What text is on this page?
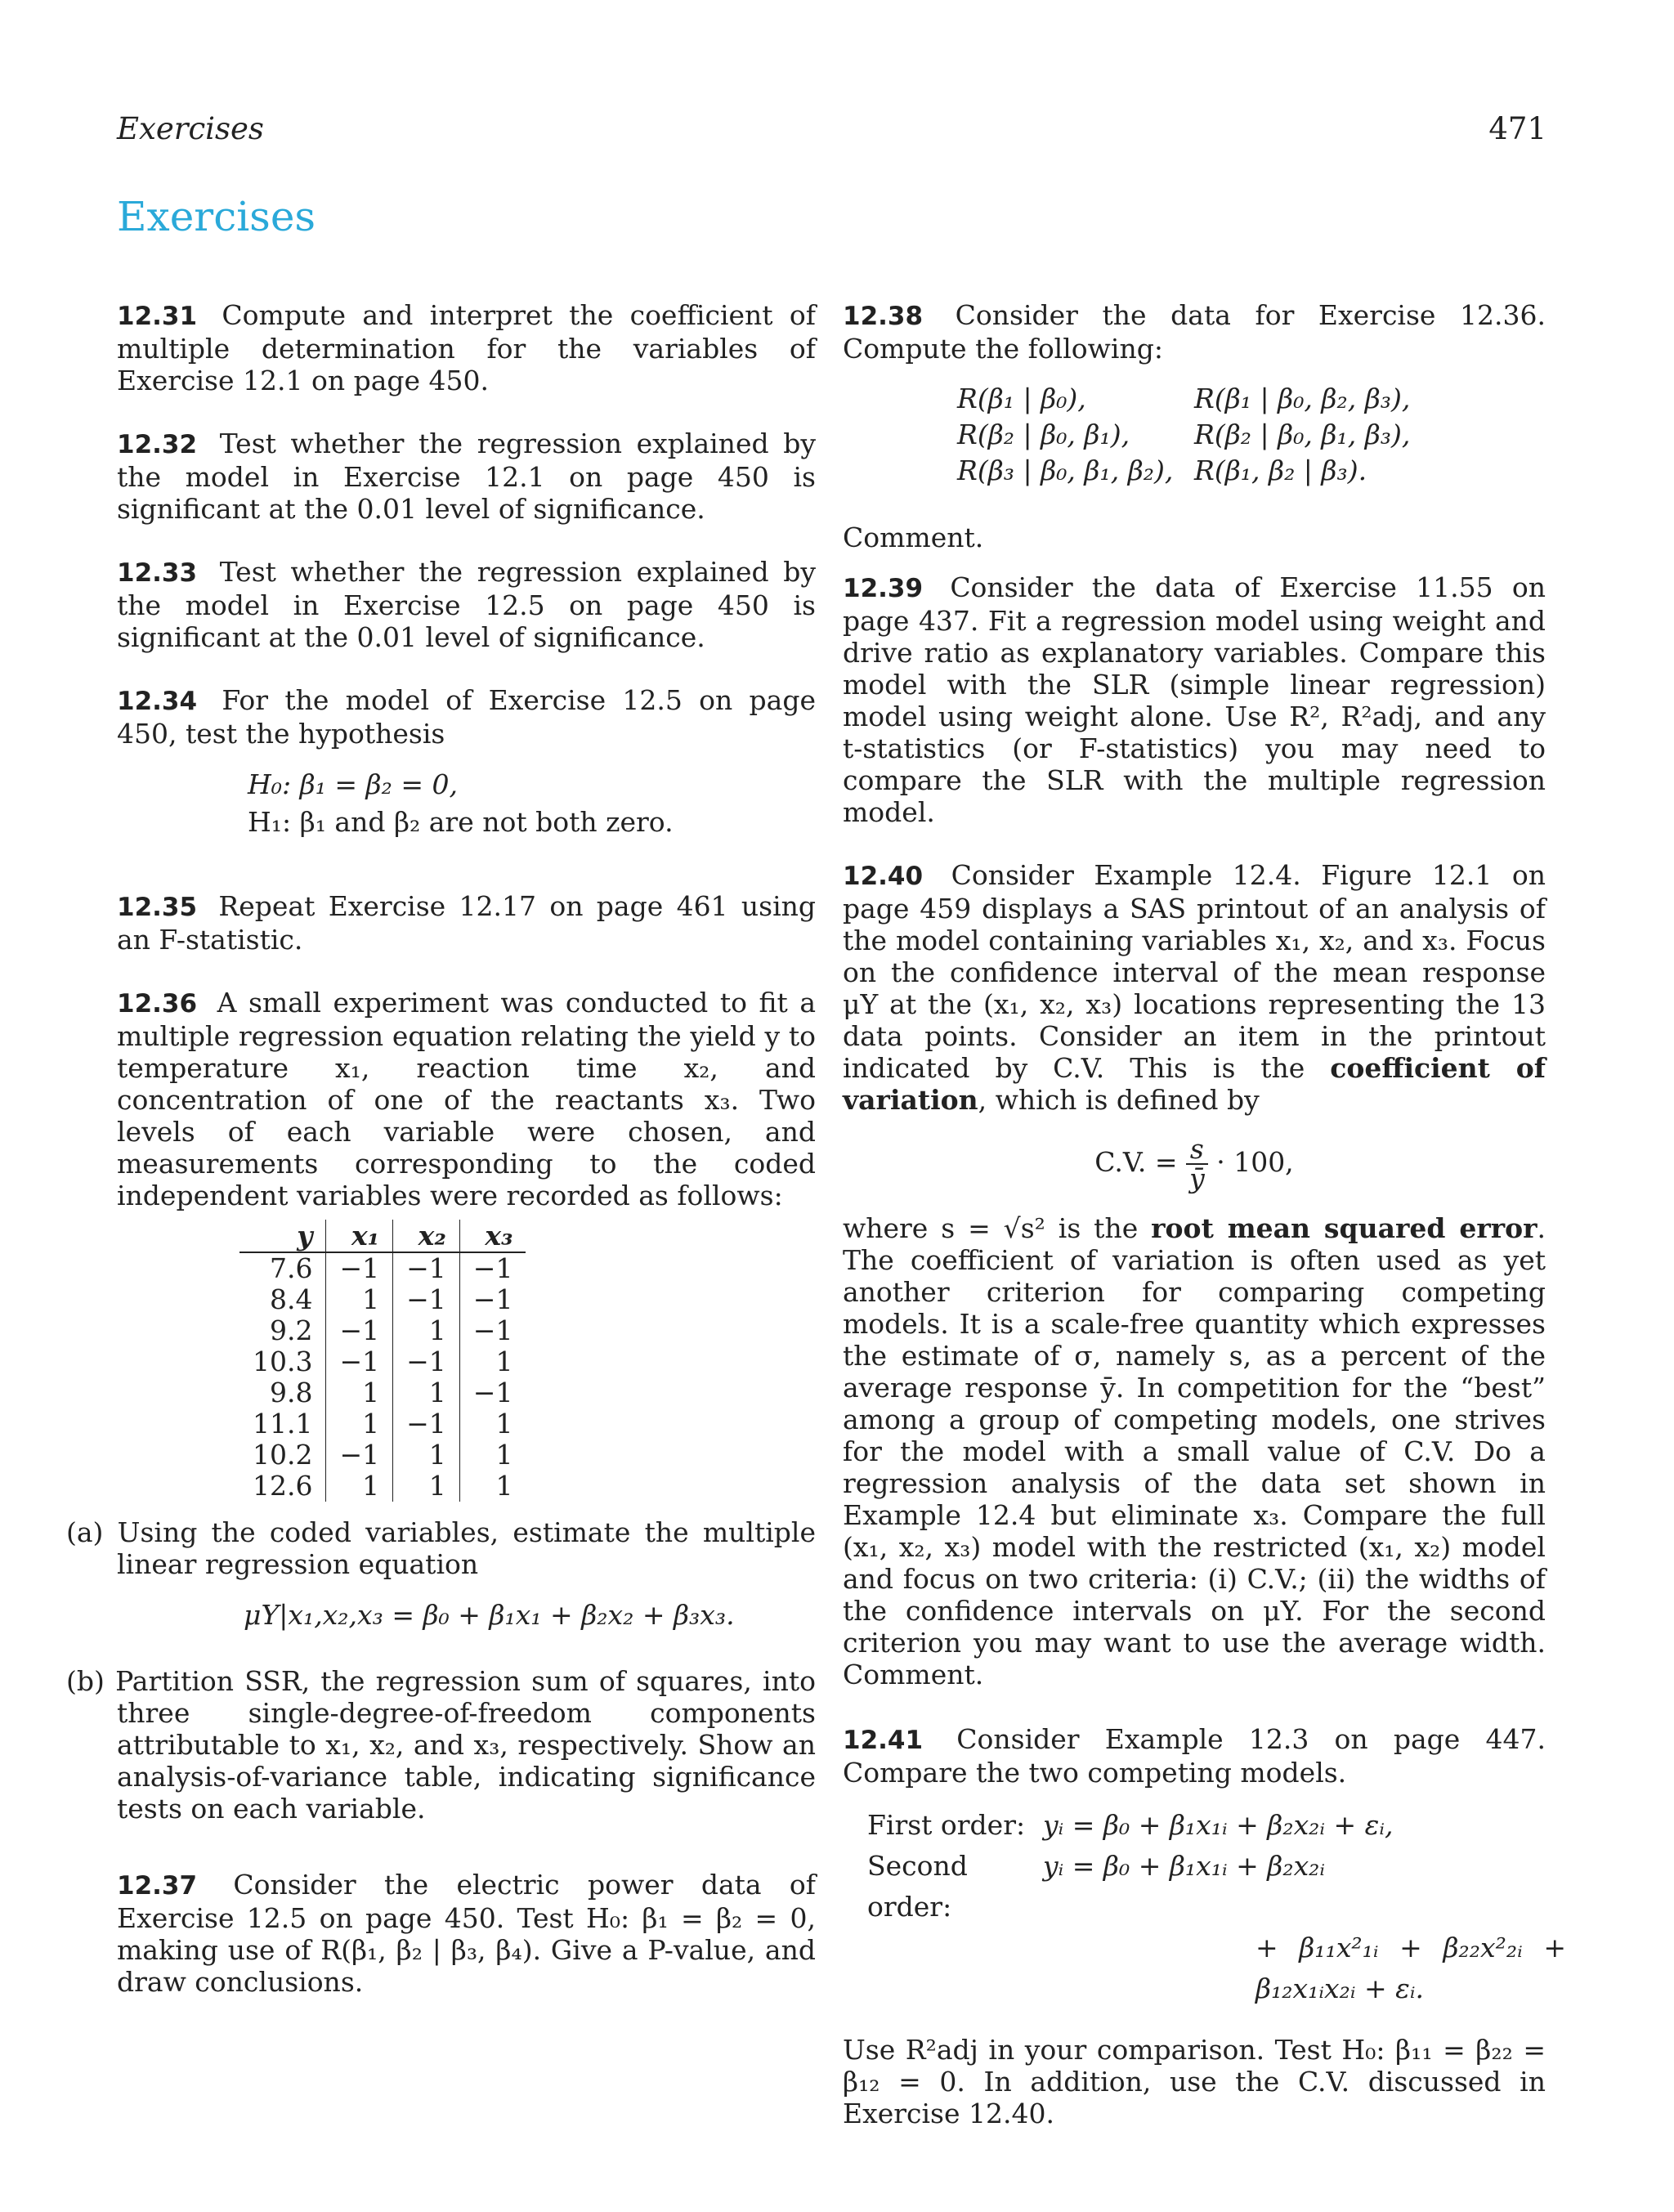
Exercises	471
Exercises

12.31 Compute and interpret the coefficient of multiple determination for the variables of Exercise 12.1 on page 450.

12.32 Test whether the regression explained by the model in Exercise 12.1 on page 450 is significant at the 0.01 level of significance.

12.33 Test whether the regression explained by the model in Exercise 12.5 on page 450 is significant at the 0.01 level of significance.

12.34 For the model of Exercise 12.5 on page 450, test the hypothesis
H₀: β₁ = β₂ = 0,
H₁: β₁ and β₂ are not both zero.

12.35 Repeat Exercise 12.17 on page 461 using an F-statistic.

12.36 A small experiment was conducted to fit a multiple regression equation relating the yield y to temperature x₁, reaction time x₂, and concentration of one of the reactants x₃. Two levels of each variable were chosen, and measurements corresponding to the coded independent variables were recorded as follows:
y	x₁	x₂	x₃
7.6	−1	−1	−1
8.4	1	−1	−1
9.2	−1	1	−1
10.3	−1	−1	1
9.8	1	1	−1
11.1	1	−1	1
10.2	−1	1	1
12.6	1	1	1

(a) Using the coded variables, estimate the multiple linear regression equation

μY|x₁,x₂,x₃ = β₀ + β₁x₁ + β₂x₂ + β₃x₃.

(b) Partition SSR, the regression sum of squares, into three single-degree-of-freedom components attributable to x₁, x₂, and x₃, respectively. Show an analysis-of-variance table, indicating significance tests on each variable.

12.37 Consider the electric power data of Exercise 12.5 on page 450. Test H₀: β₁ = β₂ = 0, making use of R(β₁, β₂ | β₃, β₄). Give a P-value, and draw conclusions.

12.38 Consider the data for Exercise 12.36. Compute the following:
R(β₁ | β₀),	R(β₁ | β₀, β₂, β₃),
R(β₂ | β₀, β₁),	R(β₂ | β₀, β₁, β₃),
R(β₃ | β₀, β₁, β₂), R(β₁, β₂ | β₃).
Comment.

12.39 Consider the data of Exercise 11.55 on page 437. Fit a regression model using weight and drive ratio as explanatory variables. Compare this model with the SLR (simple linear regression) model using weight alone. Use R², R²adj, and any t-statistics (or F-statistics) you may need to compare the SLR with the multiple regression model.

12.40 Consider Example 12.4. Figure 12.1 on page 459 displays a SAS printout of an analysis of the model containing variables x₁, x₂, and x₃. Focus on the confidence interval of the mean response μY at the (x₁, x₂, x₃) locations representing the 13 data points. Consider an item in the printout indicated by C.V. This is the coefficient of variation, which is defined by

C.V. = $\frac{s}{ȳ} \cdot 100$,

where s = √s² is the root mean squared error. The coefficient of variation is often used as yet another criterion for comparing competing models. It is a scale-free quantity which expresses the estimate of σ, namely s, as a percent of the average response ȳ. In competition for the “best” among a group of competing models, one strives for the model with a small value of C.V. Do a regression analysis of the data set shown in Example 12.4 but eliminate x₃. Compare the full (x₁, x₂, x₃) model with the restricted (x₁, x₂) model and focus on two criteria: (i) C.V.; (ii) the widths of the confidence intervals on μY. For the second criterion you may want to use the average width. Comment.

12.41 Consider Example 12.3 on page 447. Compare the two competing models.
First order: yᵢ = β₀ + β₁x₁ᵢ + β₂x₂ᵢ + εᵢ,
Second order:
yᵢ = β₀ + β₁x₁ᵢ + β₂x₂ᵢ
+ β₁₁x²₁ᵢ + β₂₂x²₂ᵢ + β₁₂x₁ᵢx₂ᵢ + εᵢ.

Use R²adj in your comparison. Test H₀: β₁₁ = β₂₂ = β₁₂ = 0. In addition, use the C.V. discussed in Exercise 12.40.
